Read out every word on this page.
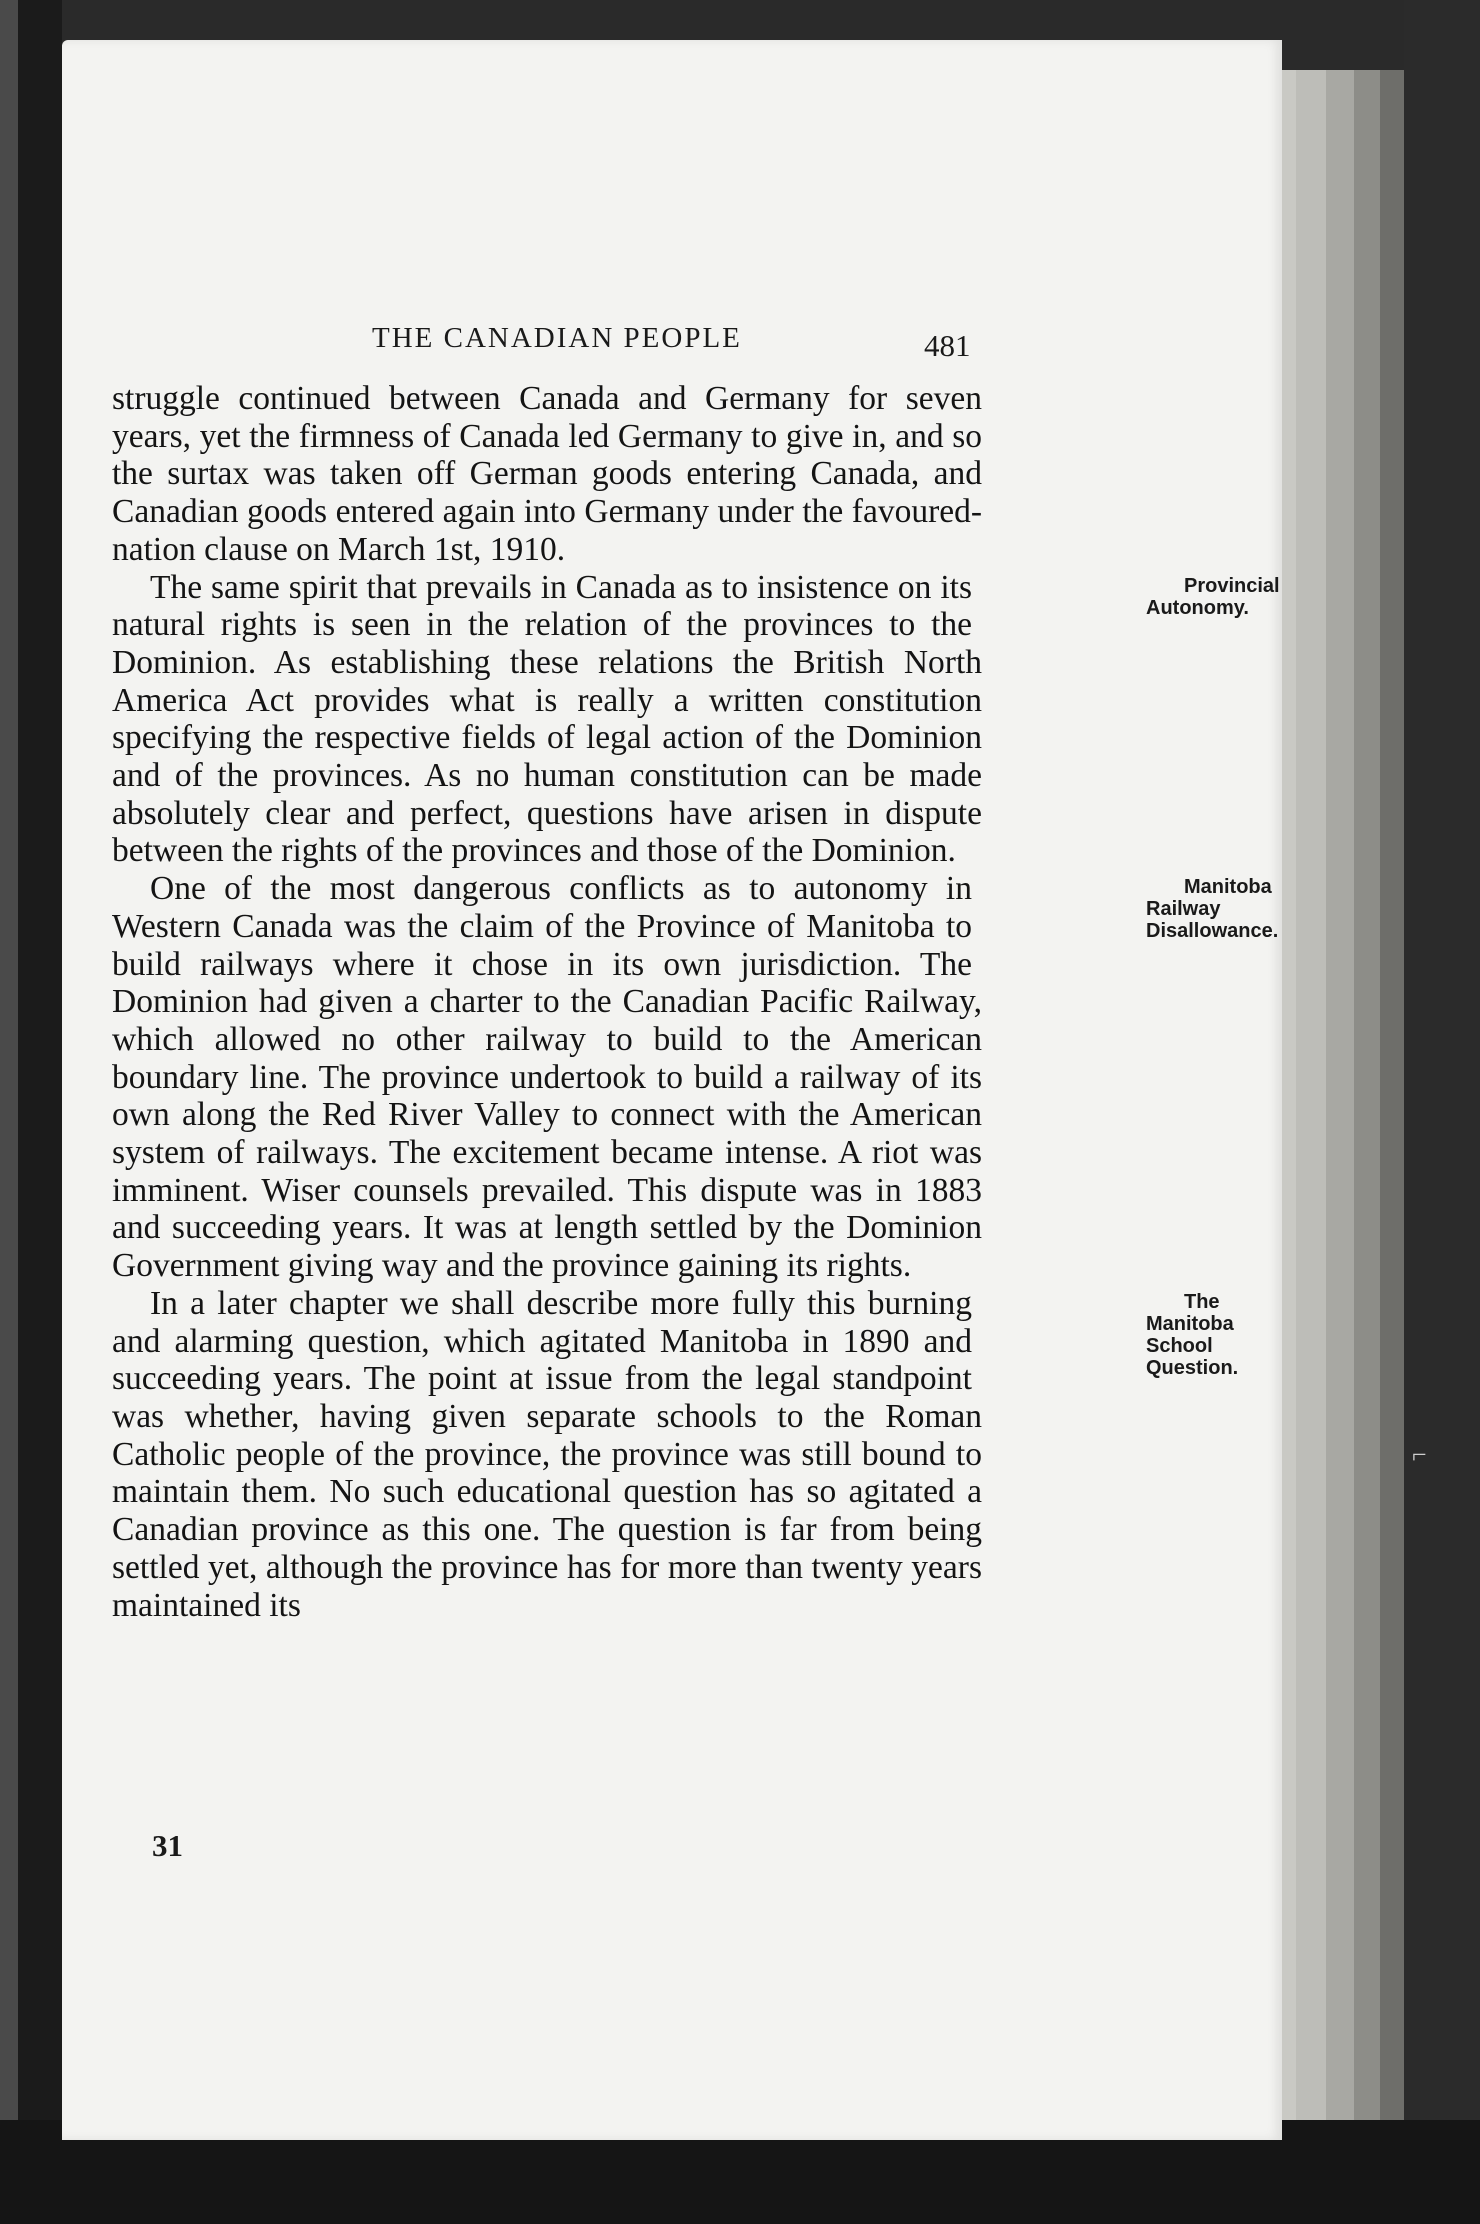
THE CANADIAN PEOPLE	481

struggle continued between Canada and Germany for seven years, yet the firmness of Canada led Germany to give in, and so the surtax was taken off German goods entering Canada, and Canadian goods entered again into Germany under the favoured-nation clause on March 1st, 1910.

Provincial Autonomy.
The same spirit that prevails in Canada as to insistence on its natural rights is seen in the relation of the provinces to the Dominion. As establishing these relations the British North America Act provides what is really a written constitution specifying the respective fields of legal action of the Dominion and of the provinces. As no human constitution can be made absolutely clear and perfect, questions have arisen in dispute between the rights of the provinces and those of the Dominion.

Manitoba Railway Disallowance.
One of the most dangerous conflicts as to autonomy in Western Canada was the claim of the Province of Manitoba to build railways where it chose in its own jurisdiction. The Dominion had given a charter to the Canadian Pacific Railway, which allowed no other railway to build to the American boundary line. The province undertook to build a railway of its own along the Red River Valley to connect with the American system of railways. The excitement became intense. A riot was imminent. Wiser counsels prevailed. This dispute was in 1883 and succeeding years. It was at length settled by the Dominion Government giving way and the province gaining its rights.

The Manitoba School Question.
In a later chapter we shall describe more fully this burning and alarming question, which agitated Manitoba in 1890 and succeeding years. The point at issue from the legal standpoint was whether, having given separate schools to the Roman Catholic people of the province, the province was still bound to maintain them. No such educational question has so agitated a Canadian province as this one. The question is far from being settled yet, although the province has for more than twenty years maintained its

31
⌐
